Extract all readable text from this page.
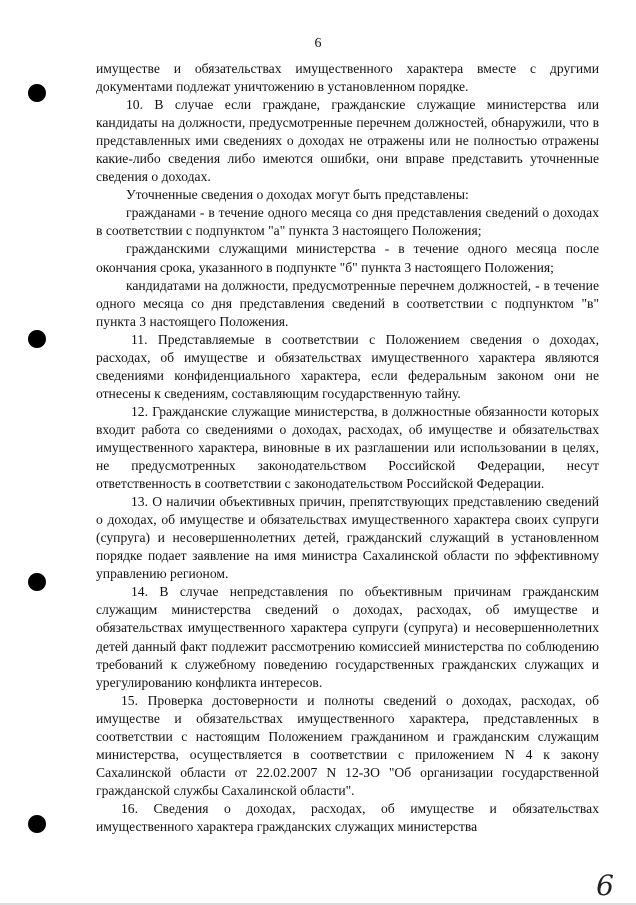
6

имуществе и обязательствах имущественного характера вместе с другими документами подлежат уничтожению в установленном порядке.

10. В случае если граждане, гражданские служащие министерства или кандидаты на должности, предусмотренные перечнем должностей, обнаружили, что в представленных ими сведениях о доходах не отражены или не полностью отражены какие-либо сведения либо имеются ошибки, они вправе представить уточненные сведения о доходах.

Уточненные сведения о доходах могут быть представлены:

гражданами - в течение одного месяца со дня представления сведений о доходах в соответствии с подпунктом "а" пункта 3 настоящего Положения;

гражданскими служащими министерства - в течение одного месяца после окончания срока, указанного в подпункте "б" пункта 3 настоящего Положения;

кандидатами на должности, предусмотренные перечнем должностей, - в течение одного месяца со дня представления сведений в соответствии с подпунктом "в" пункта 3 настоящего Положения.

11. Представляемые в соответствии с Положением сведения о доходах, расходах, об имуществе и обязательствах имущественного характера являются сведениями конфиденциального характера, если федеральным законом они не отнесены к сведениям, составляющим государственную тайну.

12. Гражданские служащие министерства, в должностные обязанности которых входит работа со сведениями о доходах, расходах, об имуществе и обязательствах имущественного характера, виновные в их разглашении или использовании в целях, не предусмотренных законодательством Российской Федерации, несут ответственность в соответствии с законодательством Российской Федерации.

13. О наличии объективных причин, препятствующих представлению сведений о доходах, об имуществе и обязательствах имущественного характера своих супруги (супруга) и несовершеннолетних детей, гражданский служащий в установленном порядке подает заявление на имя министра Сахалинской области по эффективному управлению регионом.

14. В случае непредставления по объективным причинам гражданским служащим министерства сведений о доходах, расходах, об имуществе и обязательствах имущественного характера супруги (супруга) и несовершеннолетних детей данный факт подлежит рассмотрению комиссией министерства по соблюдению требований к служебному поведению государственных гражданских служащих и урегулированию конфликта интересов.

15. Проверка достоверности и полноты сведений о доходах, расходах, об имуществе и обязательствах имущественного характера, представленных в соответствии с настоящим Положением гражданином и гражданским служащим министерства, осуществляется в соответствии с приложением N 4 к закону Сахалинской области от 22.02.2007 N 12-ЗО "Об организации государственной гражданской службы Сахалинской области".

16. Сведения о доходах, расходах, об имуществе и обязательствах имущественного характера гражданских служащих министерства

6
